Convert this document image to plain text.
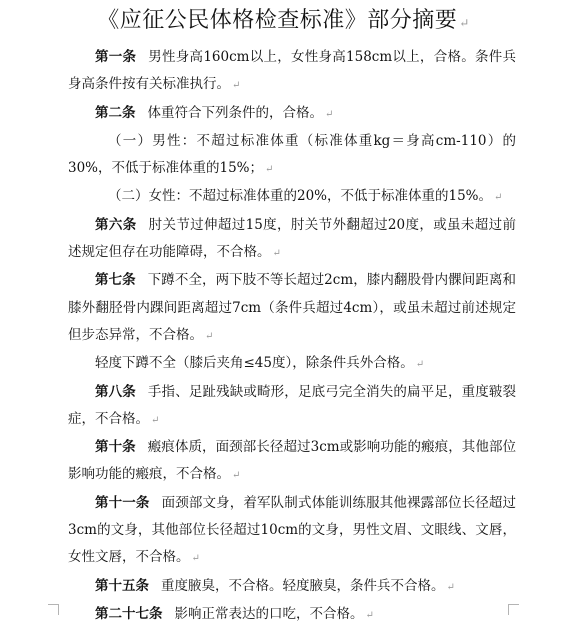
《应征公民体格检查标准》部分摘要 ↵

第一条 男性身高160cm以上，女性身高158cm以上，合格。条件兵身高条件按有关标准执行。 ↵

第二条 体重符合下列条件的，合格。 ↵

（一）男性：不超过标准体重（标准体重kg＝身高cm-110）的30%，不低于标准体重的15%； ↵

（二）女性：不超过标准体重的20%，不低于标准体重的15%。 ↵

第六条 肘关节过伸超过15度，肘关节外翻超过20度，或虽未超过前述规定但存在功能障碍，不合格。 ↵

第七条 下蹲不全，两下肢不等长超过2cm，膝内翻股骨内髁间距离和膝外翻胫骨内踝间距离超过7cm（条件兵超过4cm），或虽未超过前述规定但步态异常，不合格。 ↵

轻度下蹲不全（膝后夹角≤45度），除条件兵外合格。 ↵

第八条 手指、足趾残缺或畸形，足底弓完全消失的扁平足，重度皲裂症，不合格。 ↵

第十条 瘢痕体质，面颈部长径超过3cm或影响功能的瘢痕，其他部位影响功能的瘢痕，不合格。 ↵

第十一条 面颈部文身，着军队制式体能训练服其他裸露部位长径超过3cm的文身，其他部位长径超过10cm的文身，男性文眉、文眼线、文唇，女性文唇，不合格。 ↵

第十五条 重度腋臭，不合格。轻度腋臭，条件兵不合格。 ↵

第二十七条 影响正常表达的口吃，不合格。 ↵
